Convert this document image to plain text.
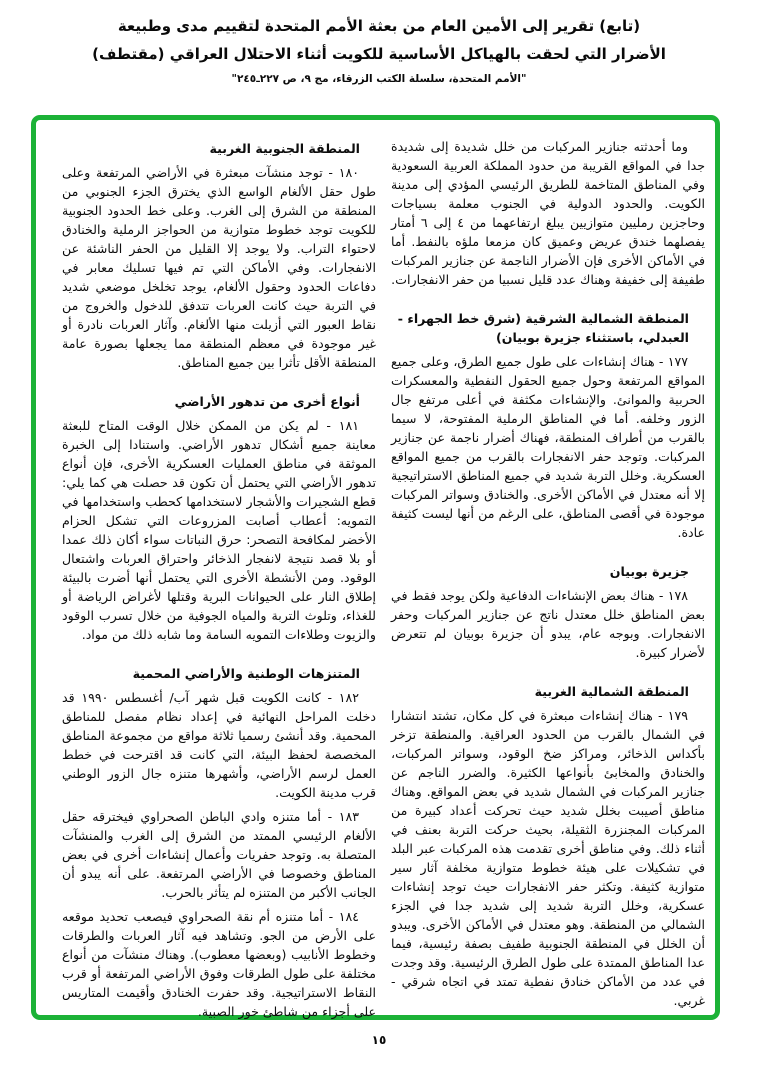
(تابع) تقرير إلى الأمين العام من بعثة الأمم المتحدة لتقييم مدى وطبيعة
الأضرار التي لحقت بالهياكل الأساسية للكويت أثناء الاحتلال العراقي (مقتطف)
"الأمم المتحدة، سلسلة الكتب الزرقاء، مج ٩، ص ٢٢٧ـ٢٤٥"
وما أحدثته جنازير المركبات من خلل شديدة إلى شديدة جدا في المواقع القريبة من حدود المملكة العربية السعودية وفي المناطق المتاخمة للطريق الرئيسي المؤدي إلى مدينة الكويت. والحدود الدولية في الجنوب معلمة بسياجات وحاجزين رمليين متوازيين يبلغ ارتفاعهما من ٤ إلى ٦ أمتار يفصلهما خندق عريض وعميق كان مزمعا ملؤه بالنفط. أما في الأماكن الأخرى فإن الأضرار الناجمة عن جنازير المركبات طفيفة إلى خفيفة وهناك عدد قليل نسبيا من حفر الانفجارات.
المنطقة الشمالية الشرقية (شرق خط الجهراء - العبدلي، باستثناء جزيرة بوبيان)
١٧٧ - هناك إنشاءات على طول جميع الطرق، وعلى جميع المواقع المرتفعة وحول جميع الحقول النفطية والمعسكرات الحربية والموانئ. والإنشاءات مكثفة في أعلى مرتفع جال الزور وخلفه. أما في المناطق الرملية المفتوحة، لا سيما بالقرب من أطراف المنطقة، فهناك أضرار ناجمة عن جنازير المركبات. وتوجد حفر الانفجارات بالقرب من جميع المواقع العسكرية. وخلل التربة شديد في جميع المناطق الاستراتيجية إلا أنه معتدل في الأماكن الأخرى. والخنادق وسواتر المركبات موجودة في أقصى المناطق، على الرغم من أنها ليست كثيفة عادة.
جزيرة بوبيان
١٧٨ - هناك بعض الإنشاءات الدفاعية ولكن يوجد فقط في بعض المناطق خلل معتدل ناتج عن جنازير المركبات وحفر الانفجارات. وبوجه عام، يبدو أن جزيرة بوبيان لم تتعرض لأضرار كبيرة.
المنطقة الشمالية الغربية
١٧٩ - هناك إنشاءات مبعثرة في كل مكان، تشتد انتشارا في الشمال بالقرب من الحدود العراقية. والمنطقة تزخر بأكداس الذخائر، ومراكز ضخ الوقود، وسواتر المركبات، والخنادق والمخابئ بأنواعها الكثيرة. والضرر الناجم عن جنازير المركبات في الشمال شديد في بعض المواقع. وهناك مناطق أصيبت بخلل شديد حيث تحركت أعداد كبيرة من المركبات المجنزرة الثقيلة، بحيث حركت التربة بعنف في أثناء ذلك. وفي مناطق أخرى تقدمت هذه المركبات عبر البلد في تشكيلات على هيئة خطوط متوازية مخلفة آثار سير متوازية كثيفة. وتكثر حفر الانفجارات حيث توجد إنشاءات عسكرية، وخلل التربة شديد إلى شديد جدا في الجزء الشمالي من المنطقة. وهو معتدل في الأماكن الأخرى. ويبدو أن الخلل في المنطقة الجنوبية طفيف بصفة رئيسية، فيما عدا المناطق الممتدة على طول الطرق الرئيسية. وقد وجدت في عدد من الأماكن خنادق نفطية تمتد في اتجاه شرقي - غربي.
المنطقة الجنوبية الغربية
١٨٠ - توجد منشآت مبعثرة في الأراضي المرتفعة وعلى طول حقل الألغام الواسع الذي يخترق الجزء الجنوبي من المنطقة من الشرق إلى الغرب. وعلى خط الحدود الجنوبية للكويت توجد خطوط متوازية من الحواجز الرملية والخنادق لاحتواء التراب. ولا يوجد إلا القليل من الحفر الناشئة عن الانفجارات. وفي الأماكن التي تم فيها تسليك معابر في دفاعات الحدود وحقول الألغام، يوجد تخلخل موضعي شديد في التربة حيث كانت العربات تتدفق للدخول والخروج من نقاط العبور التي أزيلت منها الألغام. وآثار العربات نادرة أو غير موجودة في معظم المنطقة مما يجعلها بصورة عامة المنطقة الأقل تأثرا بين جميع المناطق.
أنواع أخرى من تدهور الأراضي
١٨١ - لم يكن من الممكن خلال الوقت المتاح للبعثة معاينة جميع أشكال تدهور الأراضي. واستنادا إلى الخبرة الموثقة في مناطق العمليات العسكرية الأخرى، فإن أنواع تدهور الأراضي التي يحتمل أن تكون قد حصلت هي كما يلي: قطع الشجيرات والأشجار لاستخدامها كحطب واستخدامها في التمويه: أعطاب أصابت المزروعات التي تشكل الحزام الأخضر لمكافحة التصحر: حرق النباتات سواء أكان ذلك عمدا أو بلا قصد نتيجة لانفجار الذخائر واحتراق العربات واشتعال الوقود. ومن الأنشطة الأخرى التي يحتمل أنها أضرت بالبيئة إطلاق النار على الحيوانات البرية وقتلها لأغراض الرياضة أو للغذاء، وتلوث التربة والمياه الجوفية من خلال تسرب الوقود والزيوت وطلاءات التمويه السامة وما شابه ذلك من مواد.
المتنزهات الوطنية والأراضي المحمية
١٨٢ - كانت الكويت قبل شهر آب/ أغسطس ١٩٩٠ قد دخلت المراحل النهائية في إعداد نظام مفصل للمناطق المحمية. وقد أنشئ رسميا ثلاثة مواقع من مجموعة المناطق المخصصة لحفظ البيئة، التي كانت قد اقترحت في خطط العمل لرسم الأراضي، وأشهرها متنزه جال الزور الوطني قرب مدينة الكويت.
١٨٣ - أما متنزه وادي الباطن الصحراوي فيخترقه حقل الألغام الرئيسي الممتد من الشرق إلى الغرب والمنشآت المتصلة به. وتوجد حفريات وأعمال إنشاءات أخرى في بعض المناطق وخصوصا في الأراضي المرتفعة. على أنه يبدو أن الجانب الأكبر من المتنزه لم يتأثر بالحرب.
١٨٤ - أما متنزه أم نقة الصحراوي فيصعب تحديد موقعه على الأرض من الجو. وتشاهد فيه آثار العربات والطرقات وخطوط الأنابيب (وبعضها معطوب). وهناك منشآت من أنواع مختلفة على طول الطرقات وفوق الأراضي المرتفعة أو قرب النقاط الاستراتيجية. وقد حفرت الخنادق وأقيمت المتاريس على أجزاء من شاطئ خور الصبية.
١٥
